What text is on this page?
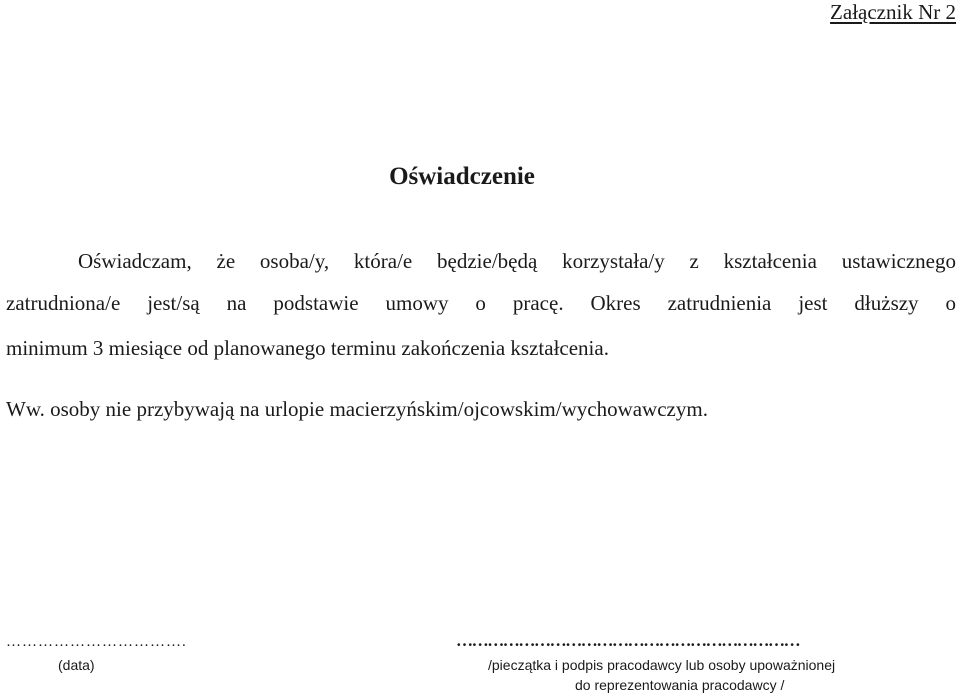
Załącznik Nr 2
Oświadczenie
Oświadczam, że osoba/y, która/e będzie/będą korzystała/y z kształcenia ustawicznego
zatrudniona/e jest/są na podstawie umowy o pracę. Okres zatrudnienia jest dłuższy o
minimum 3 miesiące od planowanego terminu zakończenia kształcenia.
Ww. osoby nie przybywają na urlopie macierzyńskim/ojcowskim/wychowawczym.
…………………………….	…………………………………………………………
(data)	/pieczątka i podpis pracodawcy lub osoby upoważnionej
do reprezentowania pracodawcy /
